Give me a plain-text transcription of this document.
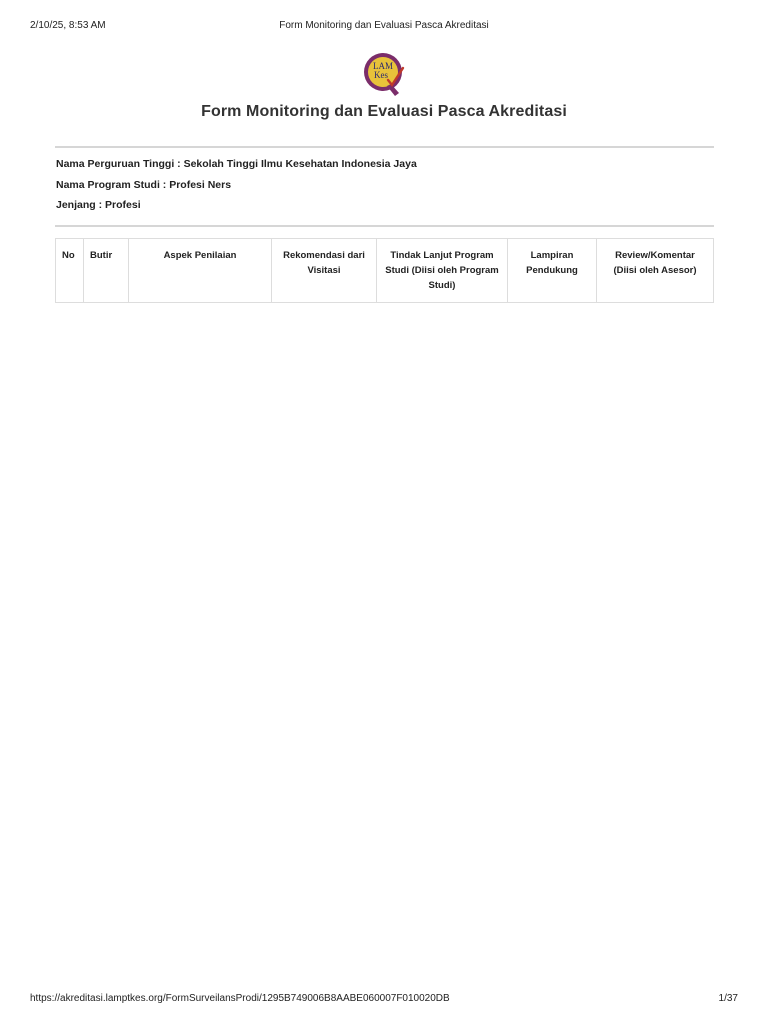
2/10/25, 8:53 AM	Form Monitoring dan Evaluasi Pasca Akreditasi
LAM
Kes
Form Monitoring dan Evaluasi Pasca Akreditasi
Nama Perguruan Tinggi : Sekolah Tinggi Ilmu Kesehatan Indonesia Jaya
Nama Program Studi : Profesi Ners
Jenjang : Profesi
No	Butir	Aspek Penilaian	Rekomendasi dari Visitasi	Tindak Lanjut Program Studi (Diisi oleh Program Studi)	Lampiran Pendukung	Review/Komentar (Diisi oleh Asesor)
https://akreditasi.lamptkes.org/FormSurveilansProdi/1295B749006B8AABE060007F010020DB	1/37
